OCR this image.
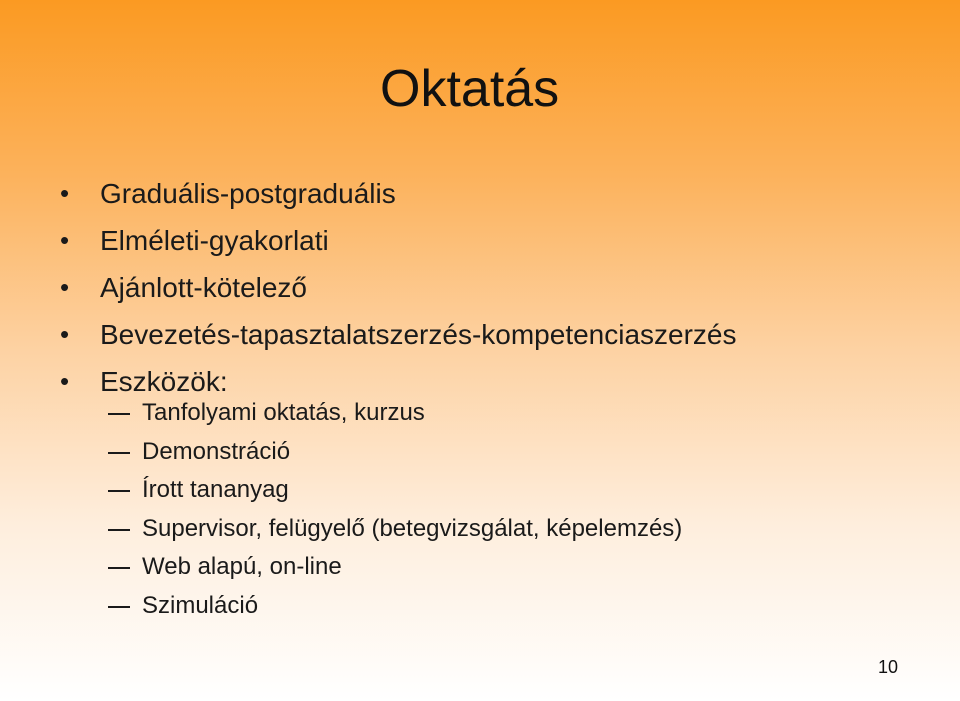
Oktatás
• Graduális-postgraduális
• Elméleti-gyakorlati
• Ajánlott-kötelező
• Bevezetés-tapasztalatszerzés-kompetenciaszerzés
• Eszközök:
Tanfolyami oktatás, kurzus
Demonstráció
Írott tananyag
Supervisor, felügyelő (betegvizsgálat, képelemzés)
Web alapú, on-line
Szimuláció
10
